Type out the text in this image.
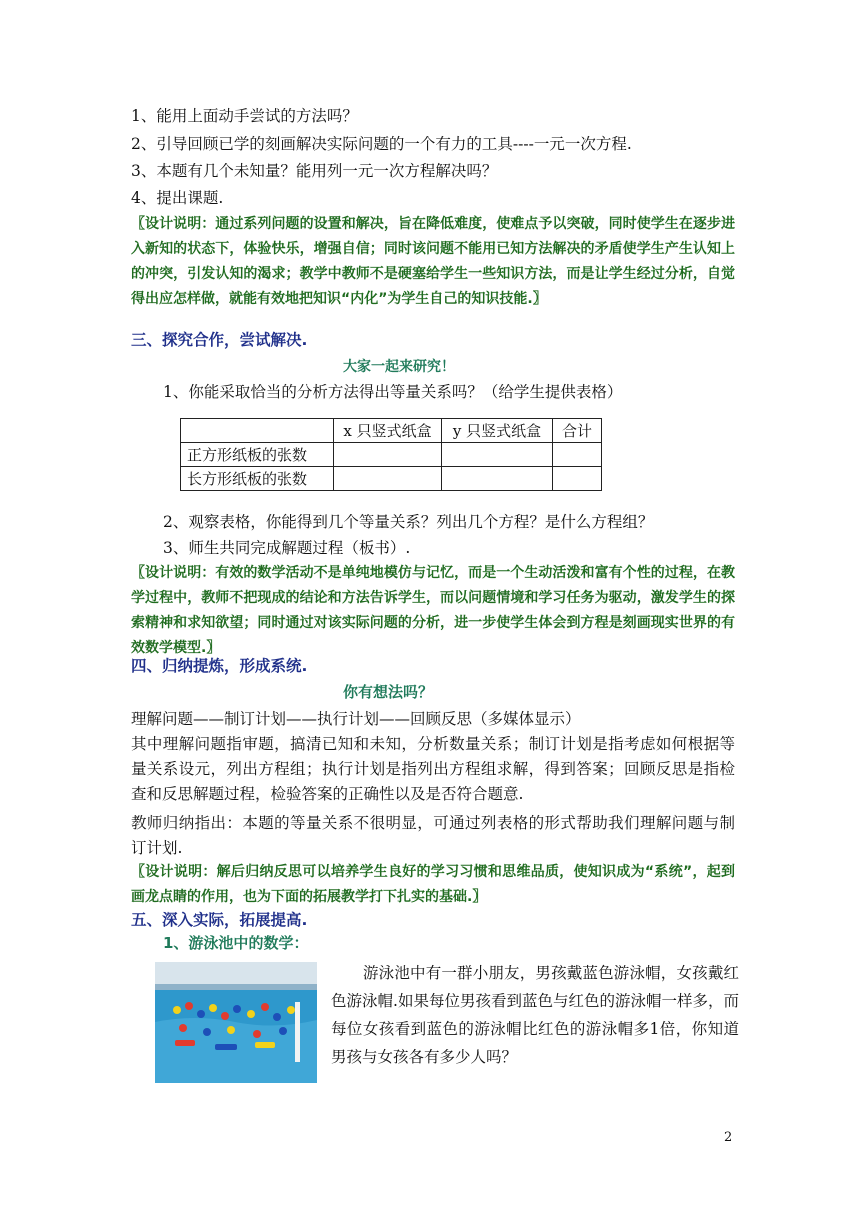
1、能用上面动手尝试的方法吗？
2、引导回顾已学的刻画解决实际问题的一个有力的工具----一元一次方程.
3、本题有几个未知量？能用列一元一次方程解决吗？
4、提出课题.
〖设计说明：通过系列问题的设置和解决，旨在降低难度，使难点予以突破，同时使学生在逐步进入新知的状态下，体验快乐，增强自信；同时该问题不能用已知方法解决的矛盾使学生产生认知上的冲突，引发认知的渴求；教学中教师不是硬塞给学生一些知识方法，而是让学生经过分析，自觉得出应怎样做，就能有效地把知识“内化”为学生自己的知识技能.〗
三、探究合作，尝试解决.
大家一起来研究！
1、你能采取恰当的分析方法得出等量关系吗？（给学生提供表格）
	x 只竖式纸盒	y 只竖式纸盒	合计
正方形纸板的张数			
长方形纸板的张数			
2、观察表格，你能得到几个等量关系？列出几个方程？是什么方程组？
3、师生共同完成解题过程（板书）.
〖设计说明：有效的数学活动不是单纯地模仿与记忆，而是一个生动活泼和富有个性的过程，在教学过程中，教师不把现成的结论和方法告诉学生，而以问题情境和学习任务为驱动，激发学生的探索精神和求知欲望；同时通过对该实际问题的分析，进一步使学生体会到方程是刻画现实世界的有效数学模型.〗
四、归纳提炼，形成系统.
你有想法吗？
理解问题——制订计划——执行计划——回顾反思（多媒体显示）
其中理解问题指审题，搞清已知和未知，分析数量关系；制订计划是指考虑如何根据等量关系设元，列出方程组；执行计划是指列出方程组求解，得到答案；回顾反思是指检查和反思解题过程，检验答案的正确性以及是否符合题意.
教师归纳指出：本题的等量关系不很明显，可通过列表格的形式帮助我们理解问题与制订计划.
〖设计说明：解后归纳反思可以培养学生良好的学习习惯和思维品质，使知识成为“系统”，起到画龙点睛的作用，也为下面的拓展教学打下扎实的基础.〗
五、深入实际，拓展提高.
1、游泳池中的数学：
游泳池中有一群小朋友，男孩戴蓝色游泳帽，女孩戴红色游泳帽.如果每位男孩看到蓝色与红色的游泳帽一样多，而每位女孩看到蓝色的游泳帽比红色的游泳帽多1倍，你知道男孩与女孩各有多少人吗？
2
